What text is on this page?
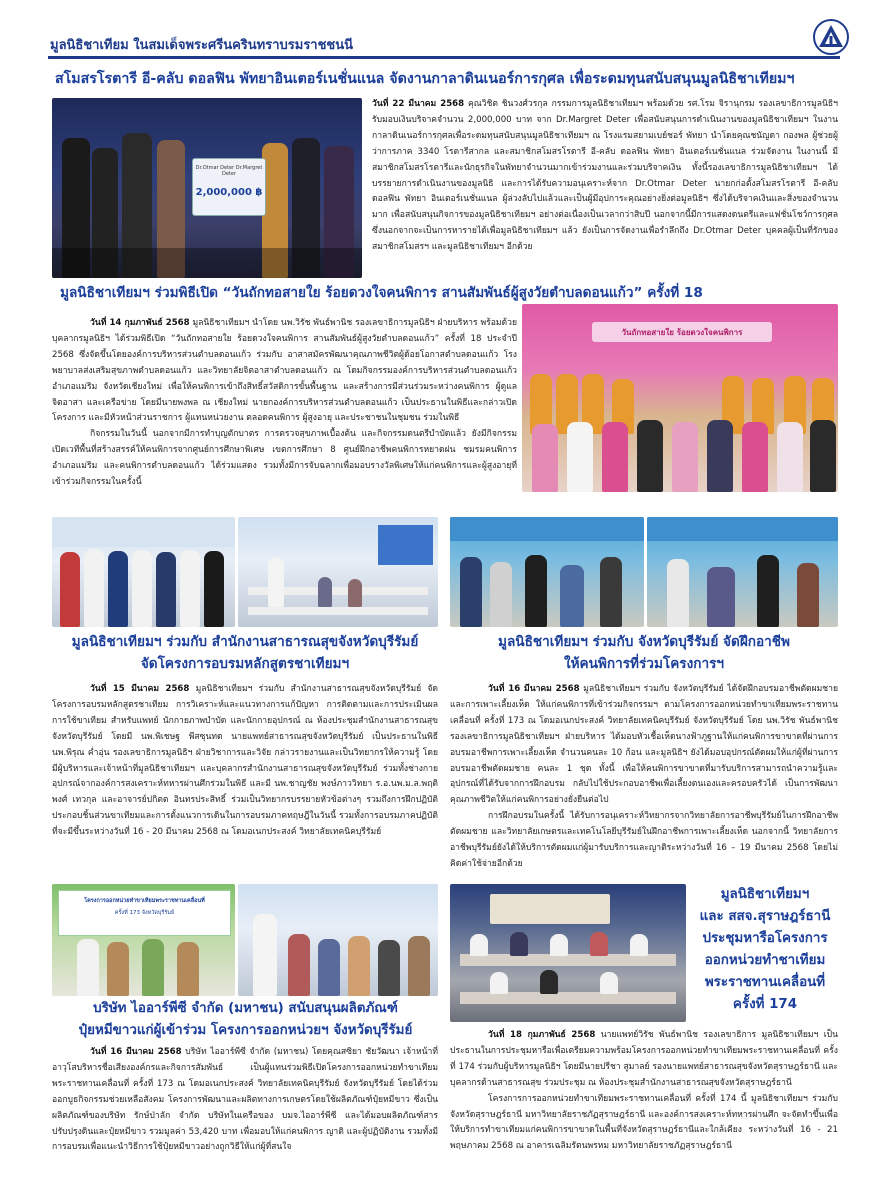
มูลนิธิชาเทียม ในสมเด็จพระศรีนครินทราบรมราชชนนี
สโมสรโรตารี อี-คลับ ดอลฟิน พัทยาอินเตอร์เนชั่นแนล จัดงานกาลาดินเนอร์การกุศล เพื่อระดมทุนสนับสนุนมูลนิธิชาเทียมฯ
Dr.Otmar Deter Dr.Margret Deter
2,000,000 ฿
วันที่ 22 มีนาคม 2568 คุณวิชิต ชินวงศ์วรกุล กรรมการมูลนิธิชาเทียมฯ พร้อมด้วย รศ.โรม จิรานุกรม รองเลขาธิการมูลนิธิฯ รับมอบเงินบริจาคจำนวน 2,000,000 บาท จาก Dr.Margret Deter เพื่อสนับสนุนการดำเนินงานของมูลนิธิชาเทียมฯ ในงานกาลาดินเนอร์การกุศลเพื่อระดมทุนสนับสนุนมูลนิธิชาเทียมฯ ณ โรงแรมสยามเบย์ชอร์ พัทยา นำโดยคุณชนัญดา กองพล ผู้ช่วยผู้ว่าการภาค 3340 โรตารีสากล และสมาชิกสโมสรโรตารี อี-คลับ ดอลฟิน พัทยา อินเตอร์เนชั่นแนล ร่วมจัดงาน ในงานนี้ มีสมาชิกสโมสรโรตารีและนักธุรกิจในพัทยาจำนวนมากเข้าร่วมงานและร่วมบริจาคเงิน ทั้งนี้รองเลขาธิการมูลนิธิชาเทียมฯ ได้บรรยายการดำเนินงานของมูลนิธิ และการได้รับความอนุเคราะห์จาก Dr.Otmar Deter นายกก่อตั้งสโมสรโรตารี อี-คลับ ดอลฟิน พัทยา อินเตอร์เนชั่นแนล ผู้ล่วงลับไปแล้วและเป็นผู้มีอุปการะคุณอย่างยิ่งต่อมูลนิธิฯ ซึ่งได้บริจาคเงินและสิ่งของจำนวนมาก เพื่อสนับสนุนกิจการของมูลนิธิชาเทียมฯ อย่างต่อเนื่องเป็นเวลากว่าสิบปี นอกจากนี้มีการแสดงดนตรีและแฟชั่นโชว์การกุศล ซึ่งนอกจากจะเป็นการหารายได้เพื่อมูลนิธิชาเทียมฯ แล้ว ยังเป็นการจัดงานเพื่อรำลึกถึง Dr.Otmar Deter บุคคลผู้เป็นที่รักของสมาชิกสโมสรฯ และมูลนิธิชาเทียมฯ อีกด้วย
มูลนิธิชาเทียมฯ ร่วมพิธีเปิด “วันถักทอสายใย ร้อยดวงใจคนพิการ สานสัมพันธ์ผู้สูงวัยตำบลดอนแก้ว” ครั้งที่ 18
วันที่ 14 กุมภาพันธ์ 2568 มูลนิธิชาเทียมฯ นำโดย นพ.วิรัช พันธ์พานิช รองเลขาธิการมูลนิธิฯ ฝ่ายบริหาร พร้อมด้วยบุคลากรมูลนิธิฯ ได้ร่วมพิธีเปิด “วันถักทอสายใย ร้อยดวงใจคนพิการ สานสัมพันธ์ผู้สูงวัยตำบลดอนแก้ว” ครั้งที่ 18 ประจำปี 2568 ซึ่งจัดขึ้นโดยองค์การบริหารส่วนตำบลดอนแก้ว ร่วมกับ อาสาสมัครพัฒนาคุณภาพชีวิตผู้ด้อยโอกาสตำบลดอนแก้ว โรงพยาบาลส่งเสริมสุขภาพตำบลดอนแก้ว และวิทยาลัยจิตอาสาตำบลดอนแก้ว ณ โดมกิจกรรมองค์การบริหารส่วนตำบลดอนแก้ว อำเภอแม่ริม จังหวัดเชียงใหม่ เพื่อให้คนพิการเข้าถึงสิทธิ์สวัสดิการขั้นพื้นฐาน และสร้างการมีส่วนร่วมระหว่างคนพิการ ผู้ดูแล จิตอาสา และเครือข่าย โดยมีนายพงพล ณ เชียงใหม่ นายกองค์การบริหารส่วนตำบลดอนแก้ว เป็นประธานในพิธีและกล่าวเปิดโครงการ และมีหัวหน้าส่วนราชการ ผู้แทนหน่วยงาน ตลอดคนพิการ ผู้สูงอายุ และประชาชนในชุมชน ร่วมในพิธี
กิจกรรมในวันนี้ นอกจากมีการทำบุญตักบาตร การตรวจสุขภาพเบื้องต้น และกิจกรรมดนตรีบำบัดแล้ว ยังมีกิจกรรมเปิดเวทีพื้นที่สร้างสรรค์ให้คนพิการจากศูนย์การศึกษาพิเศษ เขตการศึกษา 8 ศูนย์ฝึกอาชีพคนพิการหยาดฝน ชมรมคนพิการอำเภอแม่ริม และคนพิการตำบลดอนแก้ว ได้ร่วมแสดง รวมทั้งมีการจับฉลากเพื่อมอบรางวัลพิเศษให้แก่คนพิการและผู้สูงอายุที่เข้าร่วมกิจกรรมในครั้งนี้
วันถักทอสายใย ร้อยดวงใจคนพิการ
มูลนิธิชาเทียมฯ ร่วมกับ สำนักงานสาธารณสุขจังหวัดบุรีรัมย์
จัดโครงการอบรมหลักสูตรชาเทียมฯ
วันที่ 15 มีนาคม 2568 มูลนิธิชาเทียมฯ ร่วมกับ สำนักงานสาธารณสุขจังหวัดบุรีรัมย์ จัดโครงการอบรมหลักสูตรชาเทียม การวิเคราะห์และแนวทางการแก้ปัญหา การติดตามและการประเมินผลการใช้ขาเทียม สำหรับแพทย์ นักกายภาพบำบัด และนักกายอุปกรณ์ ณ ห้องประชุมสำนักงานสาธารณสุขจังหวัดบุรีรัมย์ โดยมี นพ.พิเชษฐ พีสซุนทด นายแพทย์สาธารณสุขจังหวัดบุรีรัมย์ เป็นประธานในพิธี นพ.พิรุณ ค่ำอุ่น รองเลขาธิการมูลนิธิฯ ฝ่ายวิชาการและวิจัย กล่าวรายงานและเป็นวิทยากรให้ความรู้ โดยมีผู้บริหารและเจ้าหน้าที่มูลนิธิชาเทียมฯ และบุคลากรสำนักงานสาธารณสุขจังหวัดบุรีรัมย์ ร่วมทั้งช่างกายอุปกรณ์จากองค์การสงเคราะห์ทหารผ่านศึกร่วมในพิธี และมี นพ.ชาญชัย พงษ์ภาววิทยา ร.อ.นพ.ม.ล.พฤติพงศ์ เทวกุล และอาจารย์ปกิตต อินทรประสิทธิ์ ร่วมเป็นวิทยากรบรรยายหัวข้อต่างๆ รวมถึงการฝึกปฏิบัติประกอบชิ้นส่วนขาเทียมและการตั้งแนวการเดินในการอบรมภาคทฤษฎีในวันนี้ รวมทั้งการอบรมภาคปฏิบัติที่จะมีขึ้นระหว่างวันที่ 16 - 20 มีนาคม 2568 ณ โดมอเนกประสงค์ วิทยาลัยเทคนิคบุรีรัมย์
มูลนิธิชาเทียมฯ ร่วมกับ จังหวัดบุรีรัมย์ จัดฝึกอาชีพ
ให้คนพิการที่ร่วมโครงการฯ
วันที่ 16 มีนาคม 2568 มูลนิธิชาเทียมฯ ร่วมกับ จังหวัดบุรีรัมย์ ได้จัดฝึกอบรมอาชีพตัดผมชายและการเพาะเลี้ยงเห็ด ให้แก่คนพิการที่เข้าร่วมกิจกรรมฯ ตามโครงการออกหน่วยทำขาเทียมพระราชทานเคลื่อนที่ ครั้งที่ 173 ณ โดมอเนกประสงค์ วิทยาลัยเทคนิคบุรีรัมย์ จังหวัดบุรีรัมย์ โดย นพ.วิรัช พันธ์พานิช รองเลขาธิการมูลนิธิชาเทียมฯ ฝ่ายบริหาร ได้มอบหัวเชื้อเห็ดนางฟ้าภูฐานให้แก่คนพิการขาขาดที่ผ่านการอบรมอาชีพการเพาะเลี้ยงเห็ด จำนวนคนละ 10 ก้อน และมูลนิธิฯ ยังได้มอบอุปกรณ์ตัดผมให้แก่ผู้ที่ผ่านการอบรมอาชีพตัดผมชาย คนละ 1 ชุด ทั้งนี้ เพื่อให้คนพิการขาขาดที่มารับบริการสามารถนำความรู้และอุปกรณ์ที่ได้รับจากการฝึกอบรม กลับไปใช้ประกอบอาชีพเพื่อเลี้ยงตนเองและครอบครัวได้ เป็นการพัฒนาคุณภาพชีวิตให้แก่คนพิการอย่างยั่งยืนต่อไป
การฝึกอบรมในครั้งนี้ ได้รับการอนุเคราะห์วิทยากรจากวิทยาลัยการอาชีพบุรีรัมย์ในการฝึกอาชีพตัดผมชาย และวิทยาลัยเกษตรและเทคโนโลยีบุรีรัมย์ในฝึกอาชีพการเพาะเลี้ยงเห็ด นอกจากนี้ วิทยาลัยการอาชีพบุรีรัมย์ยังได้ให้บริการตัดผมแก่ผู้มารับบริการและญาติระหว่างวันที่ 16 – 19 มีนาคม 2568 โดยไม่คิดค่าใช้จ่ายอีกด้วย
โครงการออกหน่วยทำขาเทียมพระราชทานเคลื่อนที่
ครั้งที่ 173 จังหวัดบุรีรัมย์
บริษัท ไออาร์พีซี จำกัด (มหาชน) สนับสนุนผลิตภัณฑ์
ปุ๋ยหมีขาวแก่ผู้เข้าร่วม โครงการออกหน่วยฯ จังหวัดบุรีรัมย์
วันที่ 16 มีนาคม 2568 บริษัท ไออาร์พีซี จำกัด (มหาชน) โดยคุณสซิยา ชัยวัฒนา เจ้าหน้าที่อาวุโสบริหารชื่อเสียงองค์กรและกิจการสัมพันธ์ เป็นผู้แทนร่วมพิธีเปิดโครงการออกหน่วยทำขาเทียมพระราชทานเคลื่อนที่ ครั้งที่ 173 ณ โดมอเนกประสงค์ วิทยาลัยเทคนิคบุรีรัมย์ จังหวัดบุรีรัมย์ โดยได้ร่วมออกบูธกิจกรรมช่วยเหลือสังคม โครงการพัฒนาและผลิตทางการเกษตรโดยใช้ผลิตภัณฑ์ปุ๋ยหมีขาว ซึ่งเป็นผลิตภัณฑ์ของบริษัท รักษ์ป่าลัก จำกัด บริษัทในเครือของ บมจ.ไออาร์พีซี และได้มอบผลิตภัณฑ์สารปรับปรุงดินและปุ๋ยหมีขาว รวมมูลค่า 53,420 บาท เพื่อมอบให้แก่คนพิการ ญาติ และผู้ปฏิบัติงาน รวมทั้งมีการอบรมเพื่อแนะนำวิธีการใช้ปุ๋ยหมีขาวอย่างถูกวิธีให้แก่ผู้ที่สนใจ
มูลนิธิชาเทียมฯ
และ สสจ.สุราษฎร์ธานี
ประชุมหารือโครงการ
ออกหน่วยทำชาเทียม
พระราชทานเคลื่อนที่
ครั้งที่ 174
วันที่ 18 กุมภาพันธ์ 2568 นายแพทย์วิรัช พันธ์พานิช รองเลขาธิการ มูลนิธิชาเทียมฯ เป็นประธานในการประชุมหารือเพื่อเตรียมความพร้อมโครงการออกหน่วยทำขาเทียมพระราชทานเคลื่อนที่ ครั้งที่ 174 ร่วมกับผู้บริหารมูลนิธิฯ โดยมีนายปรีชา สูมาลย์ รองนายแพทย์สาธารณสุขจังหวัดสุราษฎร์ธานี และบุคลากรด้านสาธารณสุข ร่วมประชุม ณ ห้องประชุมสำนักงานสาธารณสุขจังหวัดสุราษฎร์ธานี
โครงการการออกหน่วยทำขาเทียมพระราชทานเคลื่อนที่ ครั้งที่ 174 นี้ มูลนิธิชาเทียมฯ ร่วมกับจังหวัดสุราษฎร์ธานี มหาวิทยาลัยราชภัฏสุราษฎร์ธานี และองค์การสงเคราะห์ทหารผ่านศึก จะจัดทำขึ้นเพื่อให้บริการทำขาเทียมแก่คนพิการขาขาดในพื้นที่จังหวัดสุราษฎร์ธานีและใกล้เคียง ระหว่างวันที่ 16 - 21 พฤษภาคม 2568 ณ อาคารเฉลิมรัตนพรหม มหาวิทยาลัยราชภัฏสุราษฎร์ธานี
